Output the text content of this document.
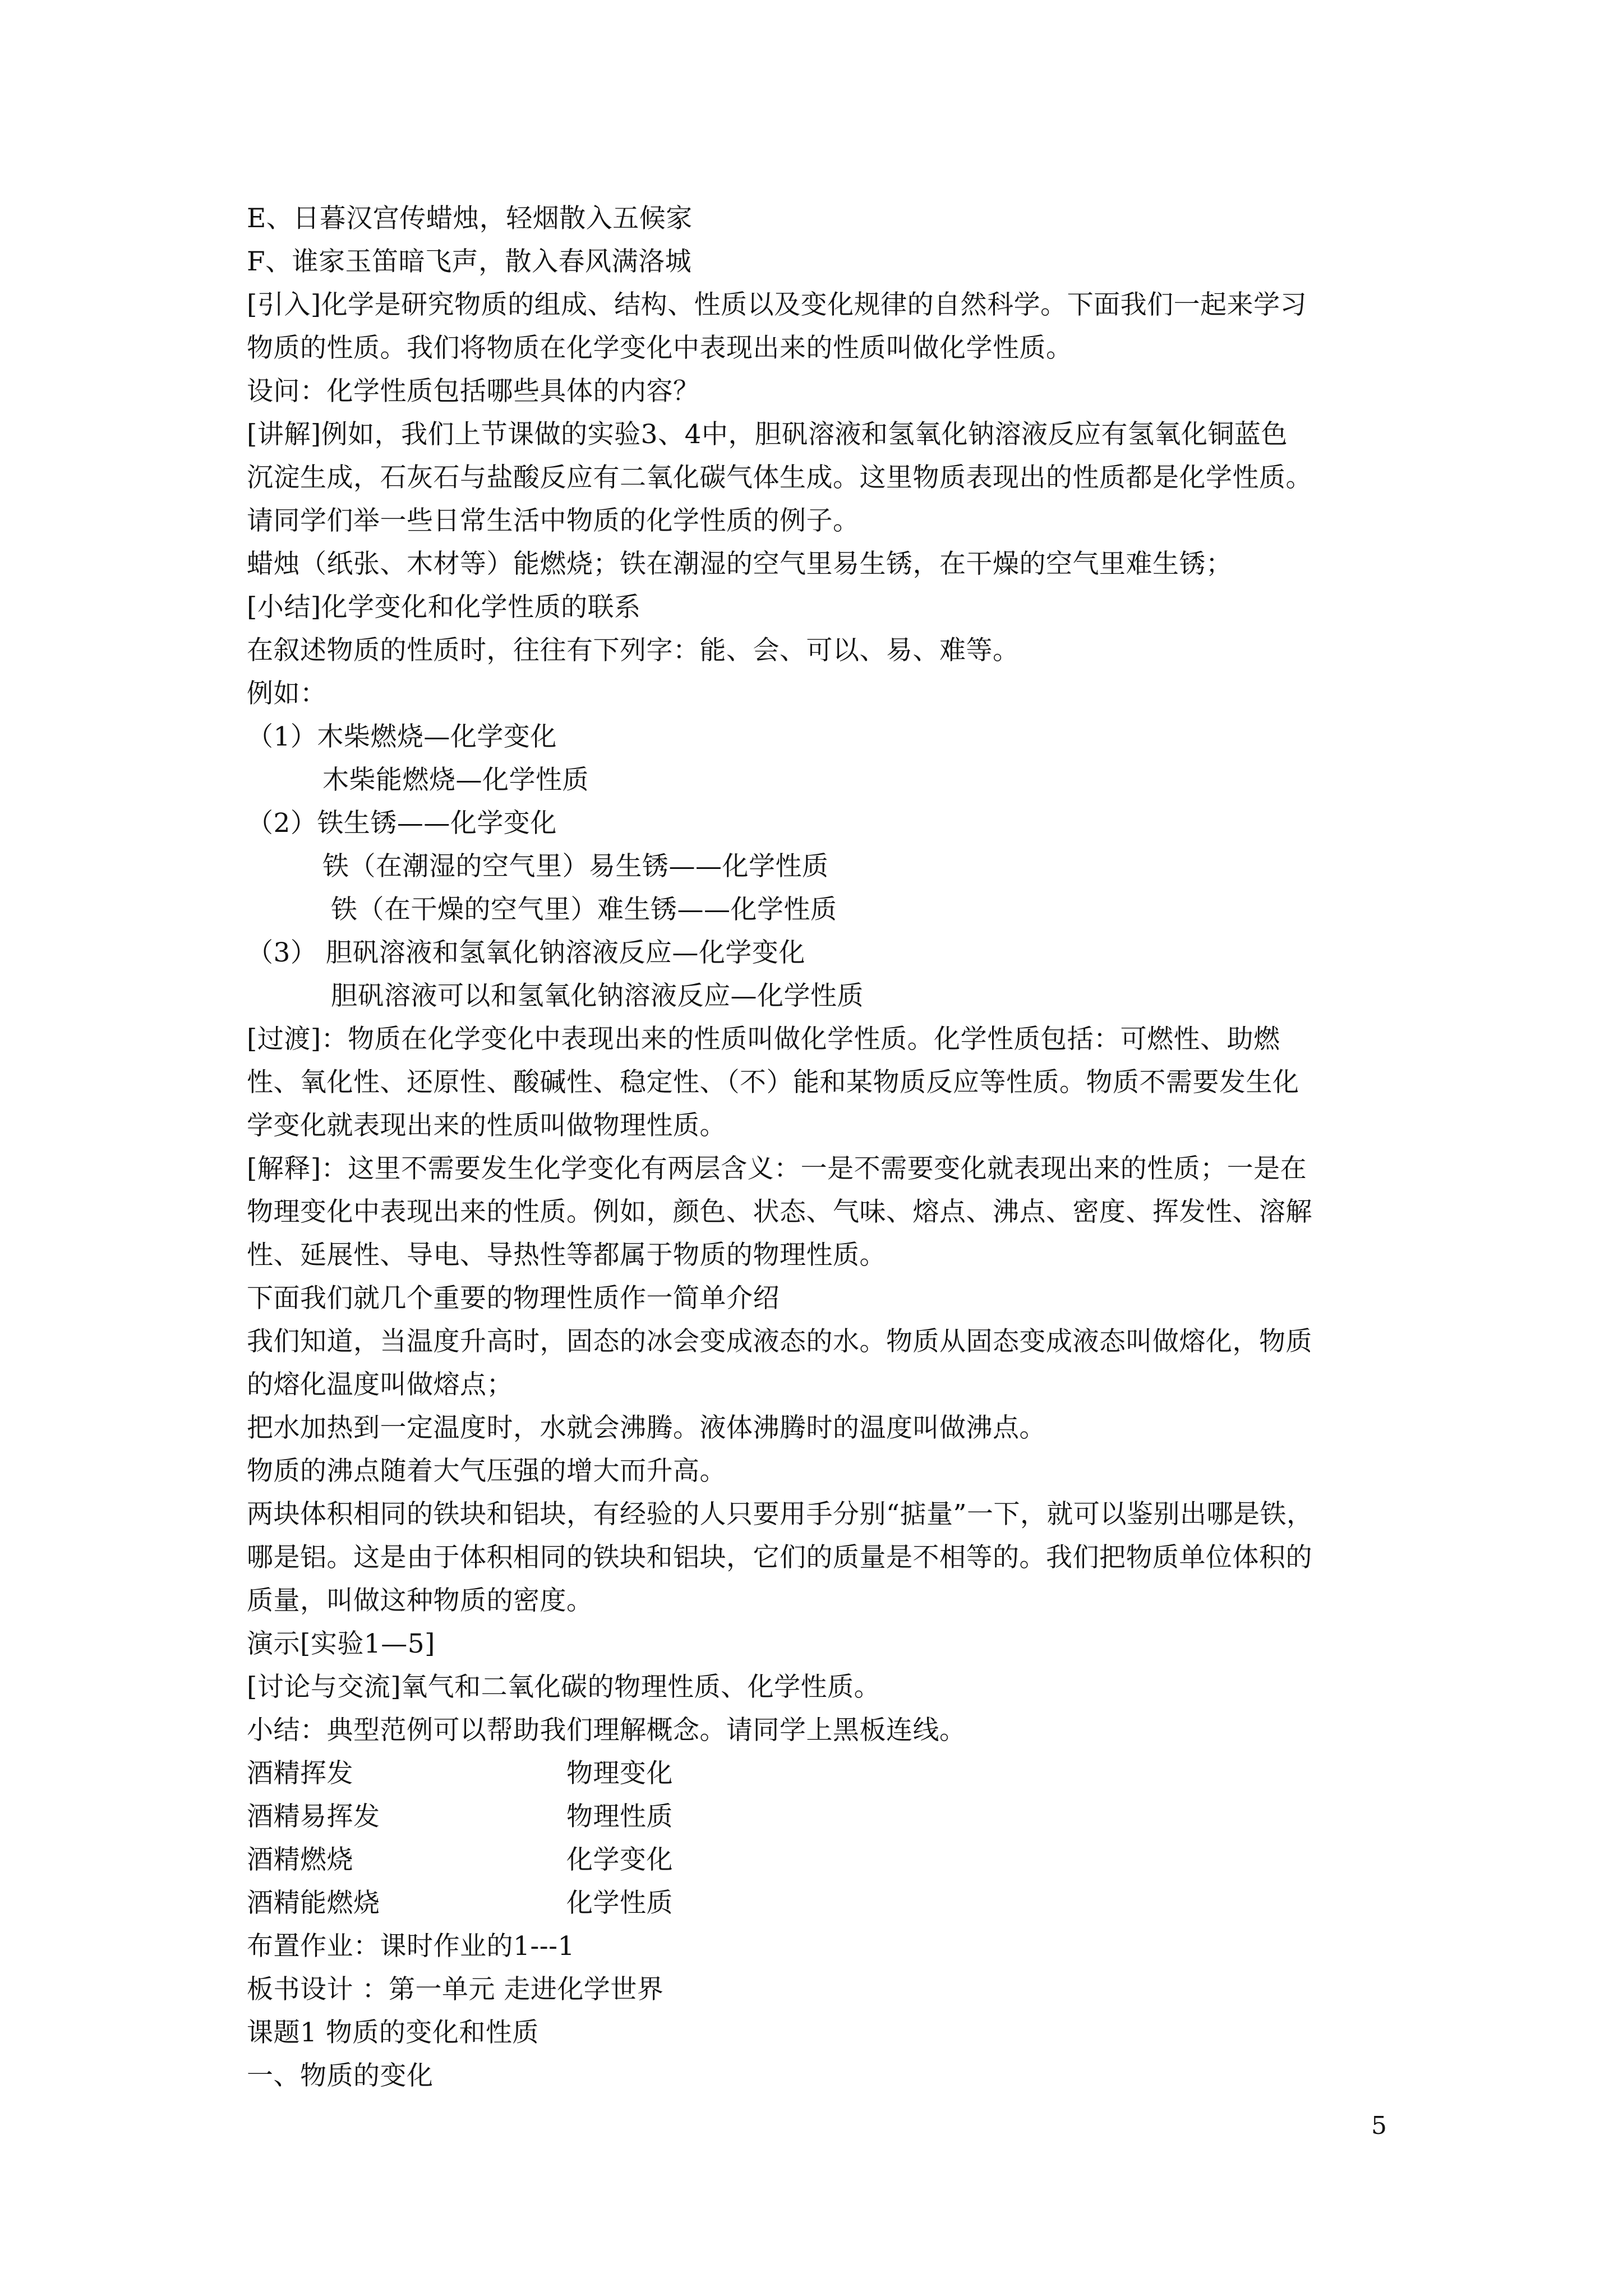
E、日暮汉宫传蜡烛，轻烟散入五候家
F、谁家玉笛暗飞声，散入春风满洛城
[引入]化学是研究物质的组成、结构、性质以及变化规律的自然科学。下面我们一起来学习
物质的性质。我们将物质在化学变化中表现出来的性质叫做化学性质。
设问：化学性质包括哪些具体的内容？
[讲解]例如，我们上节课做的实验3、4中，胆矾溶液和氢氧化钠溶液反应有氢氧化铜蓝色
沉淀生成，石灰石与盐酸反应有二氧化碳气体生成。这里物质表现出的性质都是化学性质。
请同学们举一些日常生活中物质的化学性质的例子。
蜡烛（纸张、木材等）能燃烧；铁在潮湿的空气里易生锈，在干燥的空气里难生锈；
[小结]化学变化和化学性质的联系
在叙述物质的性质时，往往有下列字：能、会、可以、易、难等。
例如：
（1）木柴燃烧—化学变化
木柴能燃烧—化学性质
（2）铁生锈——化学变化
铁（在潮湿的空气里）易生锈——化学性质
铁（在干燥的空气里）难生锈——化学性质
（3） 胆矾溶液和氢氧化钠溶液反应—化学变化
胆矾溶液可以和氢氧化钠溶液反应—化学性质
[过渡]：物质在化学变化中表现出来的性质叫做化学性质。化学性质包括：可燃性、助燃
性、氧化性、还原性、酸碱性、稳定性、（不）能和某物质反应等性质。物质不需要发生化
学变化就表现出来的性质叫做物理性质。
[解释]：这里不需要发生化学变化有两层含义：一是不需要变化就表现出来的性质；一是在
物理变化中表现出来的性质。例如，颜色、状态、气味、熔点、沸点、密度、挥发性、溶解
性、延展性、导电、导热性等都属于物质的物理性质。
下面我们就几个重要的物理性质作一简单介绍
我们知道，当温度升高时，固态的冰会变成液态的水。物质从固态变成液态叫做熔化，物质
的熔化温度叫做熔点；
把水加热到一定温度时，水就会沸腾。液体沸腾时的温度叫做沸点。
物质的沸点随着大气压强的增大而升高。
两块体积相同的铁块和铝块，有经验的人只要用手分别“掂量”一下，就可以鉴别出哪是铁，
哪是铝。这是由于体积相同的铁块和铝块，它们的质量是不相等的。我们把物质单位体积的
质量，叫做这种物质的密度。
演示[实验1—5]
[讨论与交流]氧气和二氧化碳的物理性质、化学性质。
小结：典型范例可以帮助我们理解概念。请同学上黑板连线。
酒精挥发	物理变化
酒精易挥发	物理性质
酒精燃烧	化学变化
酒精能燃烧	化学性质
布置作业：课时作业的1---1
板书设计 ：第一单元 走进化学世界
课题1 物质的变化和性质
一、物质的变化
5
